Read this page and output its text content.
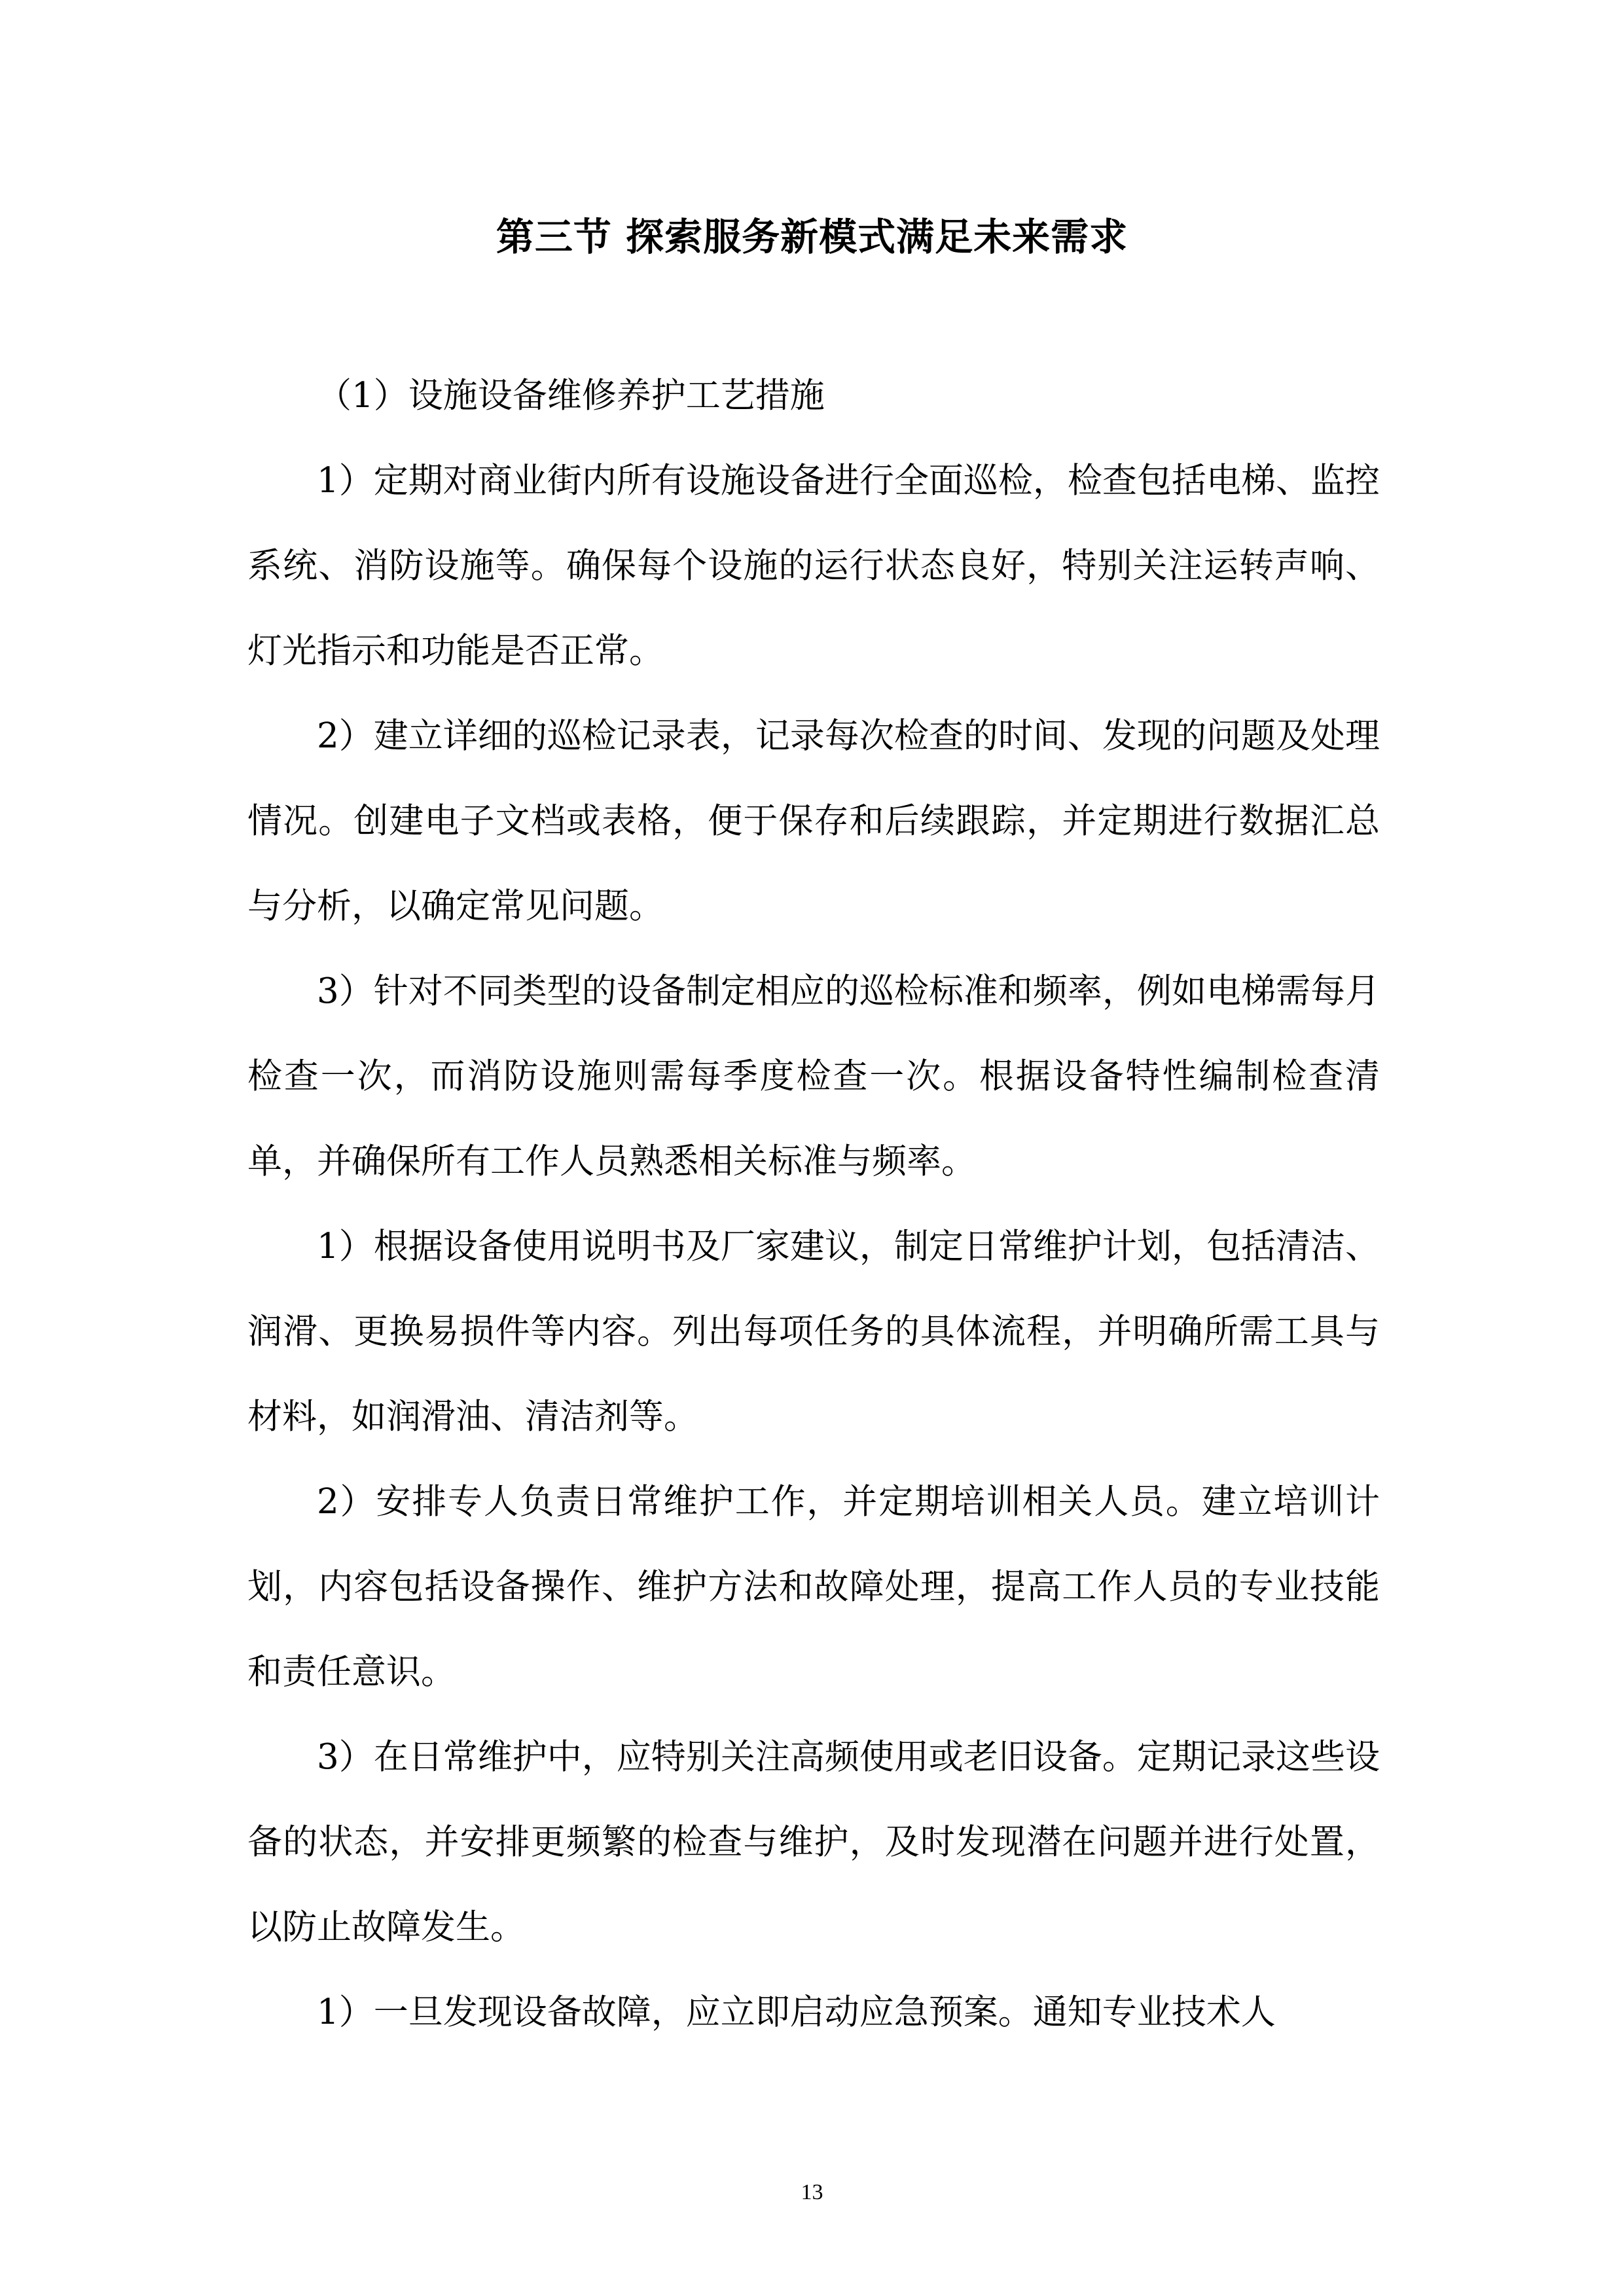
第三节 探索服务新模式满足未来需求

（1）设施设备维修养护工艺措施

1）定期对商业街内所有设施设备进行全面巡检，检查包括电梯、监控系统、消防设施等。确保每个设施的运行状态良好，特别关注运转声响、灯光指示和功能是否正常。

2）建立详细的巡检记录表，记录每次检查的时间、发现的问题及处理情况。创建电子文档或表格，便于保存和后续跟踪，并定期进行数据汇总与分析，以确定常见问题。

3）针对不同类型的设备制定相应的巡检标准和频率，例如电梯需每月检查一次，而消防设施则需每季度检查一次。根据设备特性编制检查清单，并确保所有工作人员熟悉相关标准与频率。

1）根据设备使用说明书及厂家建议，制定日常维护计划，包括清洁、润滑、更换易损件等内容。列出每项任务的具体流程，并明确所需工具与材料，如润滑油、清洁剂等。

2）安排专人负责日常维护工作，并定期培训相关人员。建立培训计划，内容包括设备操作、维护方法和故障处理，提高工作人员的专业技能和责任意识。

3）在日常维护中，应特别关注高频使用或老旧设备。定期记录这些设备的状态，并安排更频繁的检查与维护，及时发现潜在问题并进行处置，以防止故障发生。

1）一旦发现设备故障，应立即启动应急预案。通知专业技术人

13
